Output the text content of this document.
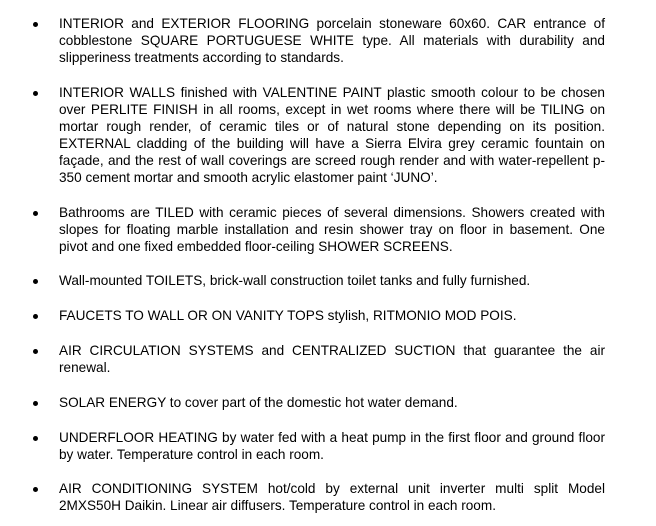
INTERIOR and EXTERIOR FLOORING porcelain stoneware 60x60. CAR entrance of cobblestone SQUARE PORTUGUESE WHITE type. All materials with durability and slipperiness treatments according to standards.
INTERIOR WALLS finished with VALENTINE PAINT plastic smooth colour to be chosen over PERLITE FINISH in all rooms, except in wet rooms where there will be TILING on mortar rough render, of ceramic tiles or of natural stone depending on its position. EXTERNAL cladding of the building will have a Sierra Elvira grey ceramic fountain on façade, and the rest of wall coverings are screed rough render and with water-repellent p-350 cement mortar and smooth acrylic elastomer paint ‘JUNO’.
Bathrooms are TILED with ceramic pieces of several dimensions. Showers created with slopes for floating marble installation and resin shower tray on floor in basement. One pivot and one fixed embedded floor-ceiling SHOWER SCREENS.
Wall-mounted TOILETS, brick-wall construction toilet tanks and fully furnished.
FAUCETS TO WALL OR ON VANITY TOPS stylish, RITMONIO MOD POIS.
AIR CIRCULATION SYSTEMS and CENTRALIZED SUCTION that guarantee the air renewal.
SOLAR ENERGY to cover part of the domestic hot water demand.
UNDERFLOOR HEATING by water fed with a heat pump in the first floor and ground floor by water. Temperature control in each room.
AIR CONDITIONING SYSTEM hot/cold by external unit inverter multi split Model 2MXS50H Daikin. Linear air diffusers. Temperature control in each room.
